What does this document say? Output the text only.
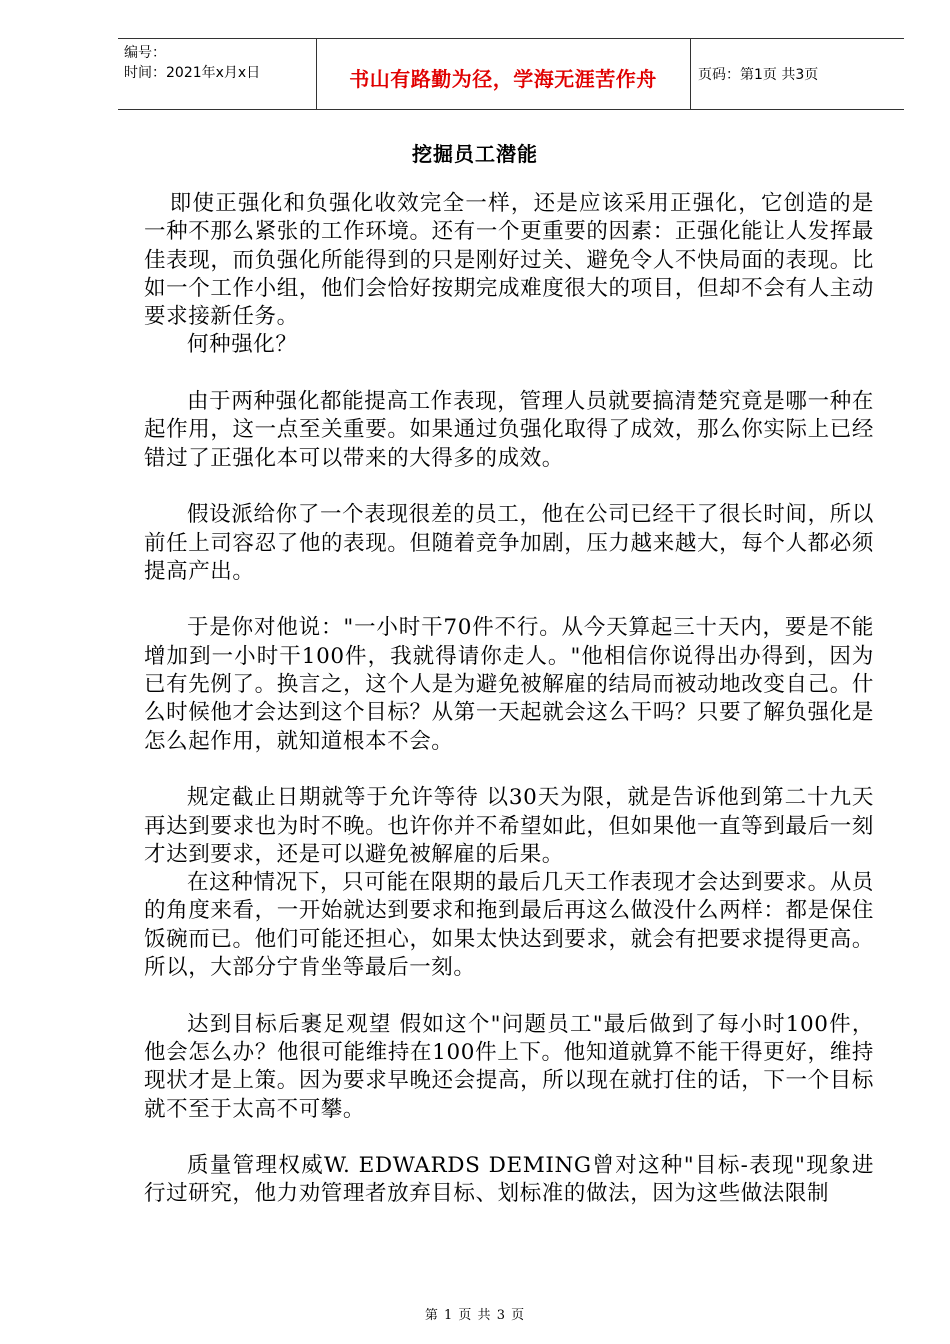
编号：
时间：2021年x月x日	书山有路勤为径，学海无涯苦作舟	页码：第1页 共3页
挖掘员工潜能

即使正强化和负强化收效完全一样，还是应该采用正强化，它创造的是一种不那么紧张的工作环境。还有一个更重要的因素：正强化能让人发挥最佳表现，而负强化所能得到的只是刚好过关、避免令人不快局面的表现。比如一个工作小组，他们会恰好按期完成难度很大的项目，但却不会有人主动要求接新任务。

何种强化？

由于两种强化都能提高工作表现，管理人员就要搞清楚究竟是哪一种在起作用，这一点至关重要。如果通过负强化取得了成效，那么你实际上已经错过了正强化本可以带来的大得多的成效。

假设派给你了一个表现很差的员工，他在公司已经干了很长时间，所以前任上司容忍了他的表现。但随着竞争加剧，压力越来越大，每个人都必须提高产出。

于是你对他说："一小时干70件不行。从今天算起三十天内，要是不能增加到一小时干100件，我就得请你走人。"他相信你说得出办得到，因为已有先例了。换言之，这个人是为避免被解雇的结局而被动地改变自己。什么时候他才会达到这个目标？从第一天起就会这么干吗？只要了解负强化是怎么起作用，就知道根本不会。

规定截止日期就等于允许等待 以30天为限，就是告诉他到第二十九天再达到要求也为时不晚。也许你并不希望如此，但如果他一直等到最后一刻才达到要求，还是可以避免被解雇的后果。

在这种情况下，只可能在限期的最后几天工作表现才会达到要求。从员的角度来看，一开始就达到要求和拖到最后再这么做没什么两样：都是保住饭碗而已。他们可能还担心，如果太快达到要求，就会有把要求提得更高。所以，大部分宁肯坐等最后一刻。

达到目标后裹足观望 假如这个"问题员工"最后做到了每小时100件，他会怎么办？他很可能维持在100件上下。他知道就算不能干得更好，维持现状才是上策。因为要求早晚还会提高，所以现在就打住的话，下一个目标就不至于太高不可攀。

质量管理权威W. EDWARDS DEMING曾对这种"目标-表现"现象进行过研究，他力劝管理者放弃目标、划标准的做法，因为这些做法限制

第 1 页 共 3 页
